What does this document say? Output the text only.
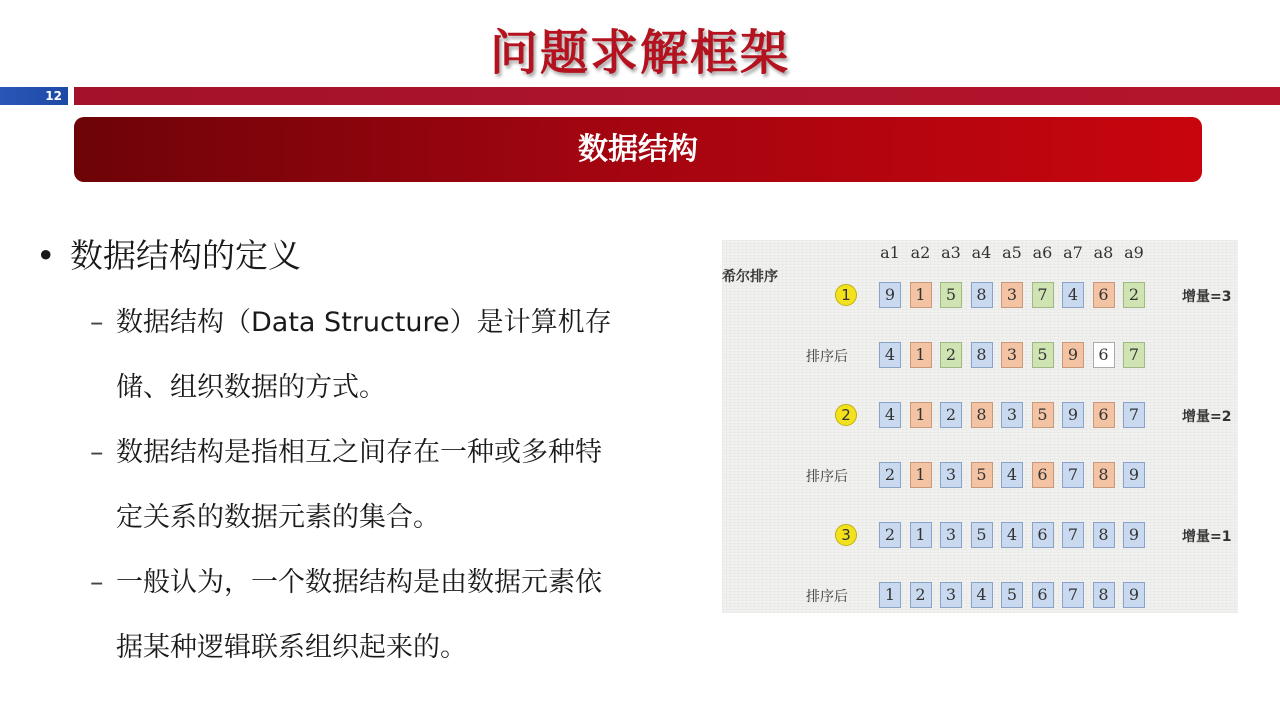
问题求解框架
12
数据结构
• 数据结构的定义
– 数据结构（Data Structure）是计算机存
储、组织数据的方式。
– 数据结构是指相互之间存在一种或多种特
定关系的数据元素的集合。
– 一般认为，一个数据结构是由数据元素依
据某种逻辑联系组织起来的。
希尔排序
a1 a2 a3 a4 a5 a6 a7 a8 a9
1	增量=3
9	1	5	8	3	7	4	6	2
排序后	4	1	2	8	3	5	9	6	7
2	增量=2
4	1	2	8	3	5	9	6	7
排序后	2	1	3	5	4	6	7	8	9
3	增量=1
2	1	3	5	4	6	7	8	9
排序后	1	2	3	4	5	6	7	8	9
